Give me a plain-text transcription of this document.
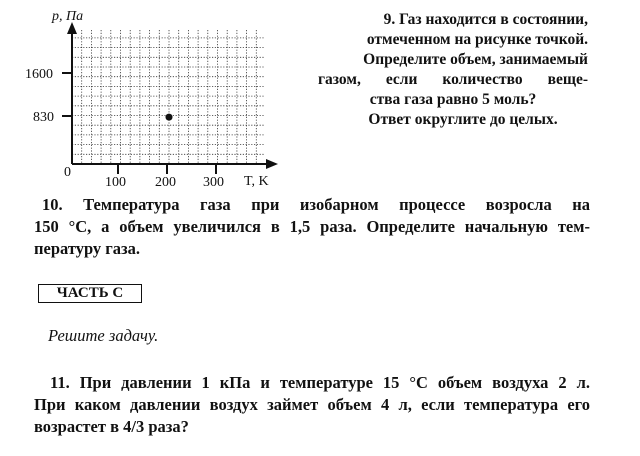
p, Па
T, K
0
100 200 300
1600
830
9. Газ находится в состоянии,
отмеченном на рисунке точкой.
Определите объем, занимаемый
газом, если количество веще-
ства газа равно 5 моль?
Ответ округлите до целых.
10. Температура газа при изобарном процессе возросла на
150 °С, а объем увеличился в 1,5 раза. Определите начальную тем-
пературу газа.
ЧАСТЬ С
Решите задачу.
11. При давлении 1 кПа и температуре 15 °С объем воздуха 2 л.
При каком давлении воздух займет объем 4 л, если температура его
возрастет в 4/3 раза?
